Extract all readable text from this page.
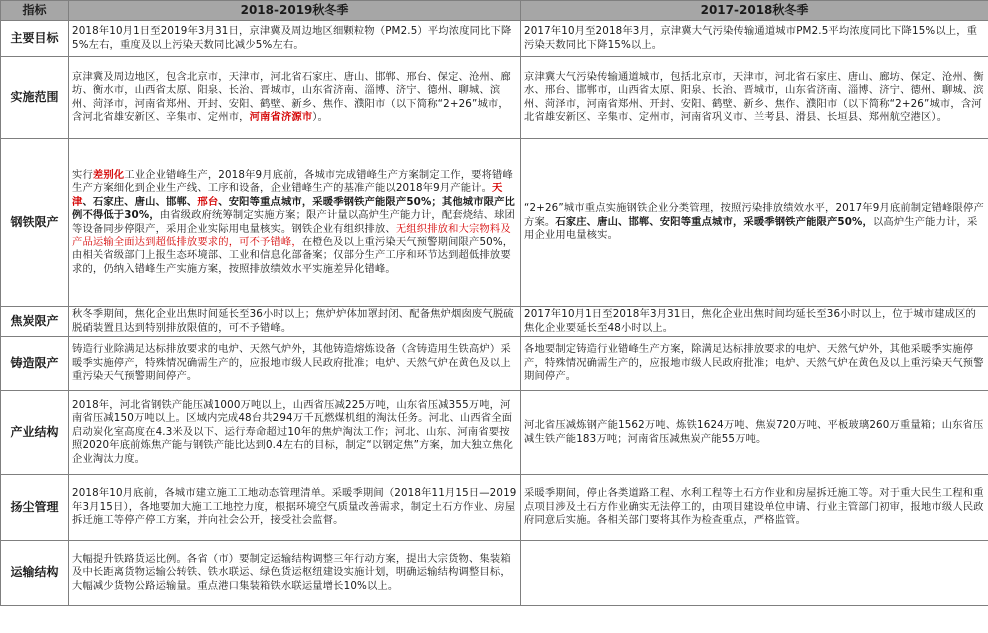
指标	2018-2019秋冬季	2017-2018秋冬季
主要目标	2018年10月1日至2019年3月31日，京津冀及周边地区细颗粒物（PM2.5）平均浓度同比下降5%左右，重度及以上污染天数同比减少5%左右。	2017年10月至2018年3月，京津冀大气污染传输通道城市PM2.5平均浓度同比下降15%以上，重污染天数同比下降15%以上。
实施范围	京津冀及周边地区，包含北京市，天津市，河北省石家庄、唐山、邯郸、邢台、保定、沧州、廊坊、衡水市，山西省太原、阳泉、长治、晋城市，山东省济南、淄博、济宁、德州、聊城、滨州、菏泽市，河南省郑州、开封、安阳、鹤壁、新乡、焦作、濮阳市（以下简称“2+26”城市，含河北省雄安新区、辛集市、定州市，河南省济源市）。	京津冀大气污染传输通道城市，包括北京市，天津市，河北省石家庄、唐山、廊坊、保定、沧州、衡水、邢台、邯郸市，山西省太原、阳泉、长治、晋城市，山东省济南、淄博、济宁、德州、聊城、滨州、菏泽市，河南省郑州、开封、安阳、鹤壁、新乡、焦作、濮阳市（以下简称“2+26”城市，含河北省雄安新区、辛集市、定州市，河南省巩义市、兰考县、滑县、长垣县、郑州航空港区）。
钢铁限产	实行差别化工业企业错峰生产，2018年9月底前，各城市完成错峰生产方案制定工作，要将错峰生产方案细化到企业生产线、工序和设备，企业错峰生产的基准产能以2018年9月产能计。天津、石家庄、唐山、邯郸、邢台、安阳等重点城市，采暖季钢铁产能限产50%；其他城市限产比例不得低于30%，由省级政府统筹制定实施方案；限产计量以高炉生产能力计，配套烧结、球团等设备同步停限产，采用企业实际用电量核实。钢铁企业有组织排放、无组织排放和大宗物料及产品运输全面达到超低排放要求的，可不予错峰，在橙色及以上重污染天气预警期间限产50%，由相关省级部门上报生态环境部、工业和信息化部备案；仅部分生产工序和环节达到超低排放要求的，仍纳入错峰生产实施方案，按照排放绩效水平实施差异化错峰。	“2+26”城市重点实施钢铁企业分类管理，按照污染排放绩效水平，2017年9月底前制定错峰限停产方案。石家庄、唐山、邯郸、安阳等重点城市，采暖季钢铁产能限产50%，以高炉生产能力计，采用企业用电量核实。
焦炭限产	秋冬季期间，焦化企业出焦时间延长至36小时以上；焦炉炉体加罩封闭、配备焦炉烟囱废气脱硫脱硝装置且达到特别排放限值的，可不予错峰。	2017年10月1日至2018年3月31日，焦化企业出焦时间均延长至36小时以上，位于城市建成区的焦化企业要延长至48小时以上。
铸造限产	铸造行业除满足达标排放要求的电炉、天然气炉外，其他铸造熔炼设备（含铸造用生铁高炉）采暖季实施停产，特殊情况确需生产的，应报地市级人民政府批准；电炉、天然气炉在黄色及以上重污染天气预警期间停产。	各地要制定铸造行业错峰生产方案，除满足达标排放要求的电炉、天然气炉外，其他采暖季实施停产，特殊情况确需生产的，应报地市级人民政府批准；电炉、天然气炉在黄色及以上重污染天气预警期间停产。
产业结构	2018年，河北省钢铁产能压减1000万吨以上，山西省压减225万吨，山东省压减355万吨，河南省压减150万吨以上。区域内完成48台共294万千瓦燃煤机组的淘汰任务。河北、山西省全面启动炭化室高度在4.3米及以下、运行寿命超过10年的焦炉淘汰工作；河北、山东、河南省要按照2020年底前炼焦产能与钢铁产能比达到0.4左右的目标，制定“以钢定焦”方案，加大独立焦化企业淘汰力度。	河北省压减炼钢产能1562万吨、炼铁1624万吨、焦炭720万吨、平板玻璃260万重量箱；山东省压减生铁产能183万吨；河南省压减焦炭产能55万吨。
扬尘管理	2018年10月底前，各城市建立施工工地动态管理清单。采暖季期间（2018年11月15日—2019年3月15日），各地要加大施工工地控力度，根据环境空气质量改善需求，制定土石方作业、房屋拆迁施工等停产停工方案，并向社会公开，接受社会监督。	采暖季期间，停止各类道路工程、水利工程等土石方作业和房屋拆迁施工等。对于重大民生工程和重点项目涉及土石方作业确实无法停工的，由项目建设单位申请、行业主管部门初审，报地市级人民政府同意后实施。各相关部门要将其作为检查重点，严格监管。
运输结构	大幅提升铁路货运比例。各省（市）要制定运输结构调整三年行动方案，提出大宗货物、集装箱及中长距离货物运输公转铁、铁水联运、绿色货运枢纽建设实施计划，明确运输结构调整目标，大幅减少货物公路运输量。重点港口集装箱铁水联运量增长10%以上。	
